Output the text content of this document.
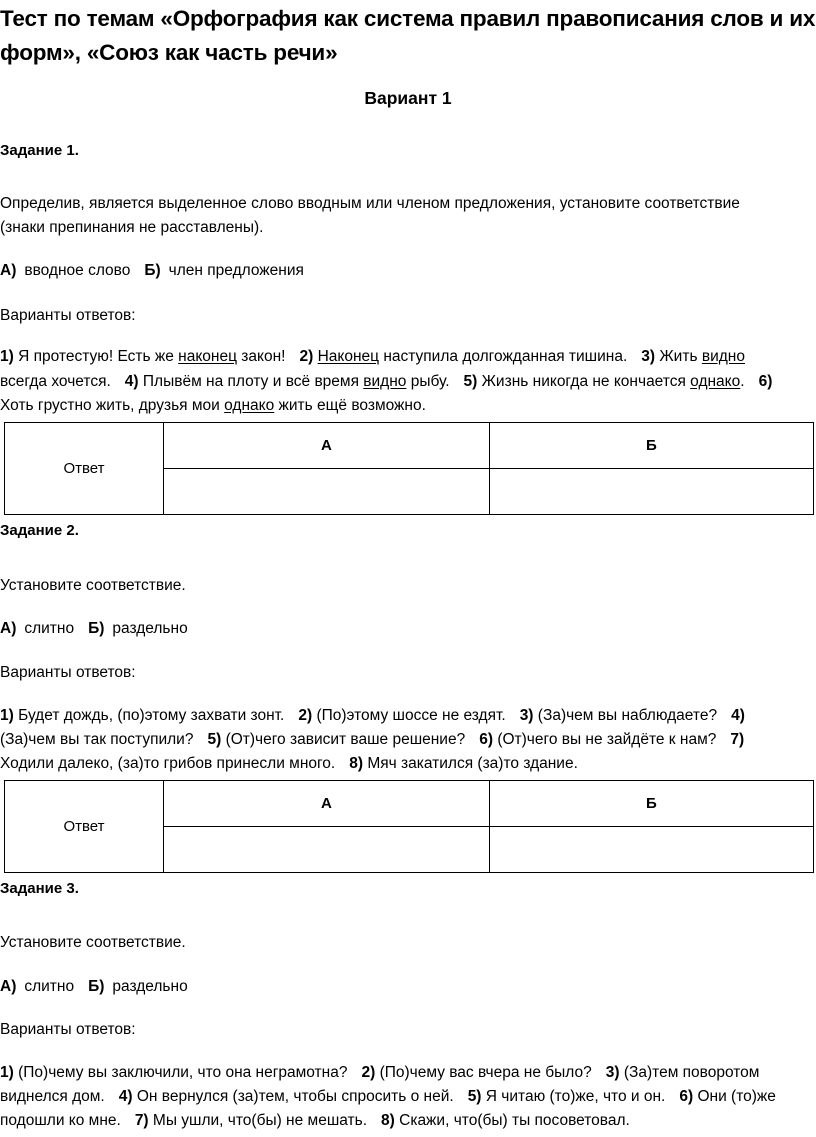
Тест по темам «Орфография как система правил правописания слов и их форм», «Союз как часть речи»
Вариант 1
Задание 1.
Определив, является выделенное слово вводным или членом предложения, установите соответствие
(знаки препинания не расставлены).
А) вводное слово Б) член предложения
Варианты ответов:
1) Я протестую! Есть же наконец закон! 2) Наконец наступила долгожданная тишина. 3) Жить видно
всегда хочется. 4) Плывём на плоту и всё время видно рыбу. 5) Жизнь никогда не кончается однако. 6)
Хоть грустно жить, друзья мои однако жить ещё возможно.
Ответ	А	Б

Задание 2.
Установите соответствие.
А) слитно Б) раздельно
Варианты ответов:
1) Будет дождь, (по)этому захвати зонт. 2) (По)этому шоссе не ездят. 3) (За)чем вы наблюдаете? 4)
(За)чем вы так поступили? 5) (От)чего зависит ваше решение? 6) (От)чего вы не зайдёте к нам? 7)
Ходили далеко, (за)то грибов принесли много. 8) Мяч закатился (за)то здание.
Ответ	А	Б

Задание 3.
Установите соответствие.
А) слитно Б) раздельно
Варианты ответов:
1) (По)чему вы заключили, что она неграмотна? 2) (По)чему вас вчера не было? 3) (За)тем поворотом
виднелся дом. 4) Он вернулся (за)тем, чтобы спросить о ней. 5) Я читаю (то)же, что и он. 6) Они (то)же
подошли ко мне. 7) Мы ушли, что(бы) не мешать. 8) Скажи, что(бы) ты посоветовал.
